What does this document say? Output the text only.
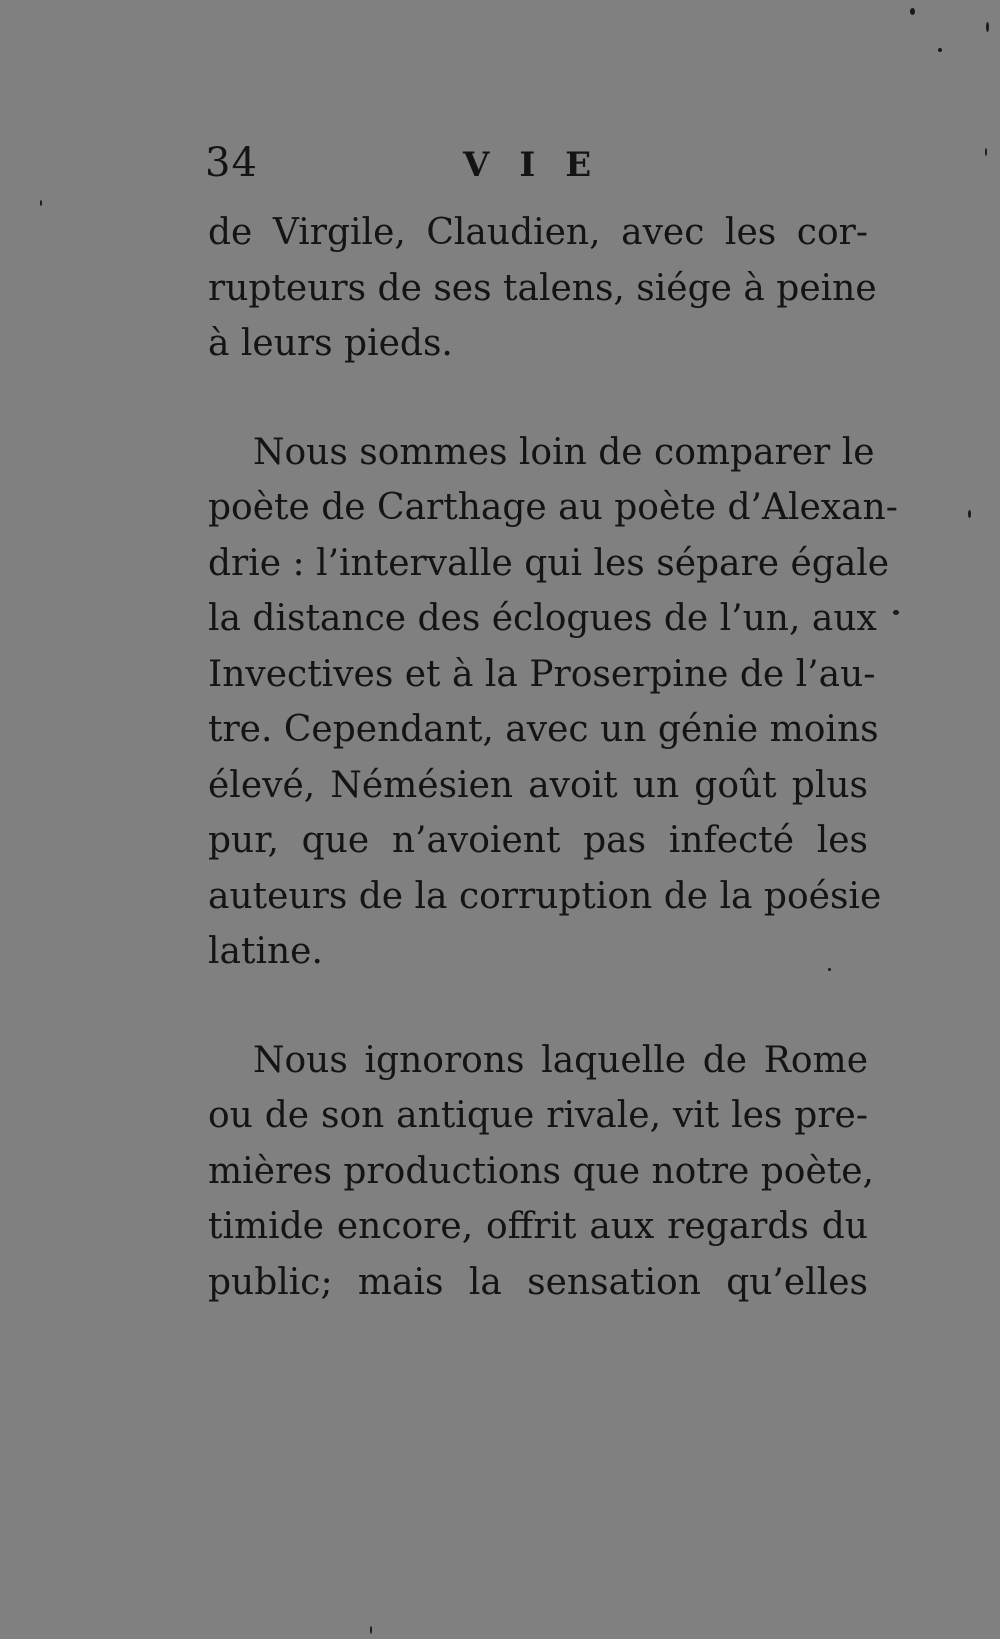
34	VIE
de Virgile, Claudien, avec les cor-
rupteurs de ses talens, siége à peine
à leurs pieds.
Nous sommes loin de comparer le
poète de Carthage au poète d’Alexan-
drie : l’intervalle qui les sépare égale
la distance des éclogues de l’un, aux
Invectives et à la Proserpine de l’au-
tre. Cependant, avec un génie moins
élevé, Némésien avoit un goût plus
pur, que n’avoient pas infecté les
auteurs de la corruption de la poésie
latine.
Nous ignorons laquelle de Rome
ou de son antique rivale, vit les pre-
mières productions que notre poète,
timide encore, offrit aux regards du
public; mais la sensation qu’elles
